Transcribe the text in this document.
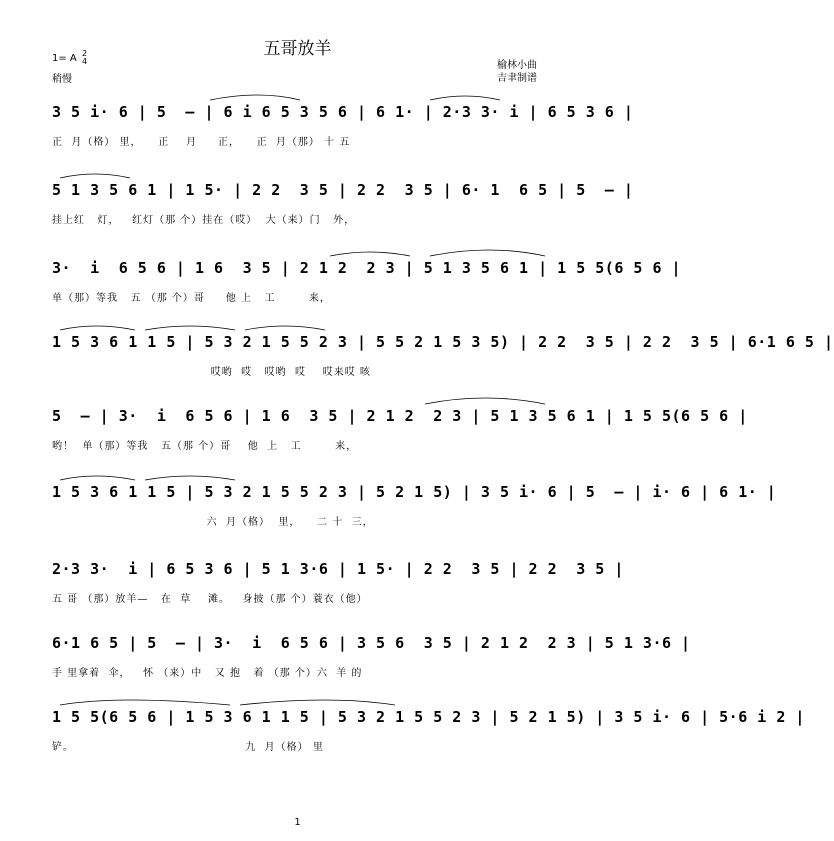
五哥放羊
1= A 2
4
稍慢
榆林小曲
吉聿制谱
3 5 i· 6 | 5  — | 6 i 6 5 3 5 6 | 6 1· | 2·3 3· i | 6 5 3 6 |
正  月（格） 里，    正    月     正，    正  月（那） 十 五
5 1 3 5 6 1 | 1 5· | 2 2  3 5 | 2 2  3 5 | 6· 1  6 5 | 5  — |
挂上红   灯，   红灯（那 个）挂在（哎）  大（来）门   外，
3·  i  6 5 6 | 1 6  3 5 | 2 1 2  2 3 | 5 1 3 5 6 1 | 1 5 5(6 5 6 |
单（那）等我   五 （那 个）哥     他 上   工        来，
1 5 3 6 1 1 5 | 5 3 2 1 5 5 2 3 | 5 5 2 1 5 3 5) | 2 2  3 5 | 2 2  3 5 | 6·1 6 5 |
哎哟  哎   哎哟  哎    哎来哎 咳
5  — | 3·  i  6 5 6 | 1 6  3 5 | 2 1 2  2 3 | 5 1 3 5 6 1 | 1 5 5(6 5 6 |
哟！  单（那）等我   五（那 个）哥    他  上   工        来，
1 5 3 6 1 1 5 | 5 3 2 1 5 5 2 3 | 5 2 1 5) | 3 5 i· 6 | 5  — | i· 6 | 6 1· |
六  月（格）  里，    二 十  三，
2·3 3·  i | 6 5 3 6 | 5 1 3·6 | 1 5· | 2 2  3 5 | 2 2  3 5 |
五 哥 （那）放羊—   在  草    滩。   身披（那 个）蓑衣（他）
6·1 6 5 | 5  — | 3·  i  6 5 6 | 3 5 6  3 5 | 2 1 2  2 3 | 5 1 3·6 |
手 里拿着  伞，   怀 （来）中   又 抱   着 （那 个）六  羊 的
1 5 5(6 5 6 | 1 5 3 6 1 1 5 | 5 3 2 1 5 5 2 3 | 5 2 1 5) | 3 5 i· 6 | 5·6 i 2 |
铲。                                         九  月（格） 里
1
